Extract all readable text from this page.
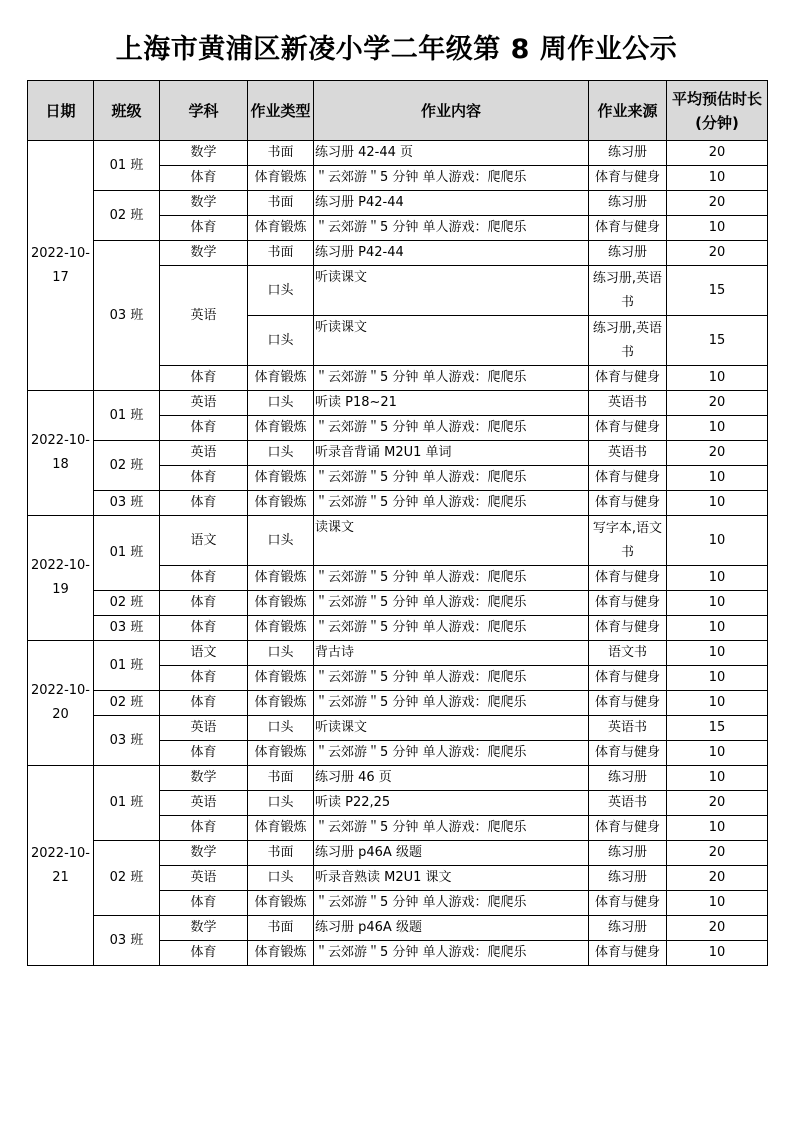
上海市黄浦区新凌小学二年级第 8 周作业公示
日期	班级	学科	作业类型	作业内容	作业来源	平均预估时长(分钟)
2022-10-17	01 班	数学	书面	练习册 42-44 页	练习册	20
		体育	体育锻炼	＂云郊游＂5 分钟 单人游戏：爬爬乐	体育与健身	10
	02 班	数学	书面	练习册 P42-44	练习册	20
		体育	体育锻炼	＂云郊游＂5 分钟 单人游戏：爬爬乐	体育与健身	10
	03 班	数学	书面	练习册 P42-44	练习册	20
		英语	口头	听读课文	练习册,英语书	15
			口头	听读课文	练习册,英语书	15
		体育	体育锻炼	＂云郊游＂5 分钟 单人游戏：爬爬乐	体育与健身	10
2022-10-18	01 班	英语	口头	听读 P18~21	英语书	20
		体育	体育锻炼	＂云郊游＂5 分钟 单人游戏：爬爬乐	体育与健身	10
	02 班	英语	口头	听录音背诵 M2U1 单词	英语书	20
		体育	体育锻炼	＂云郊游＂5 分钟 单人游戏：爬爬乐	体育与健身	10
	03 班	体育	体育锻炼	＂云郊游＂5 分钟 单人游戏：爬爬乐	体育与健身	10
2022-10-19	01 班	语文	口头	读课文	写字本,语文书	10
		体育	体育锻炼	＂云郊游＂5 分钟 单人游戏：爬爬乐	体育与健身	10
	02 班	体育	体育锻炼	＂云郊游＂5 分钟 单人游戏：爬爬乐	体育与健身	10
	03 班	体育	体育锻炼	＂云郊游＂5 分钟 单人游戏：爬爬乐	体育与健身	10
2022-10-20	01 班	语文	口头	背古诗	语文书	10
		体育	体育锻炼	＂云郊游＂5 分钟 单人游戏：爬爬乐	体育与健身	10
	02 班	体育	体育锻炼	＂云郊游＂5 分钟 单人游戏：爬爬乐	体育与健身	10
	03 班	英语	口头	听读课文	英语书	15
		体育	体育锻炼	＂云郊游＂5 分钟 单人游戏：爬爬乐	体育与健身	10
2022-10-21	01 班	数学	书面	练习册 46 页	练习册	10
		英语	口头	听读 P22,25	英语书	20
		体育	体育锻炼	＂云郊游＂5 分钟 单人游戏：爬爬乐	体育与健身	10
	02 班	数学	书面	练习册 p46A 级题	练习册	20
		英语	口头	听录音熟读 M2U1 课文	练习册	20
		体育	体育锻炼	＂云郊游＂5 分钟 单人游戏：爬爬乐	体育与健身	10
	03 班	数学	书面	练习册 p46A 级题	练习册	20
		体育	体育锻炼	＂云郊游＂5 分钟 单人游戏：爬爬乐	体育与健身	10
